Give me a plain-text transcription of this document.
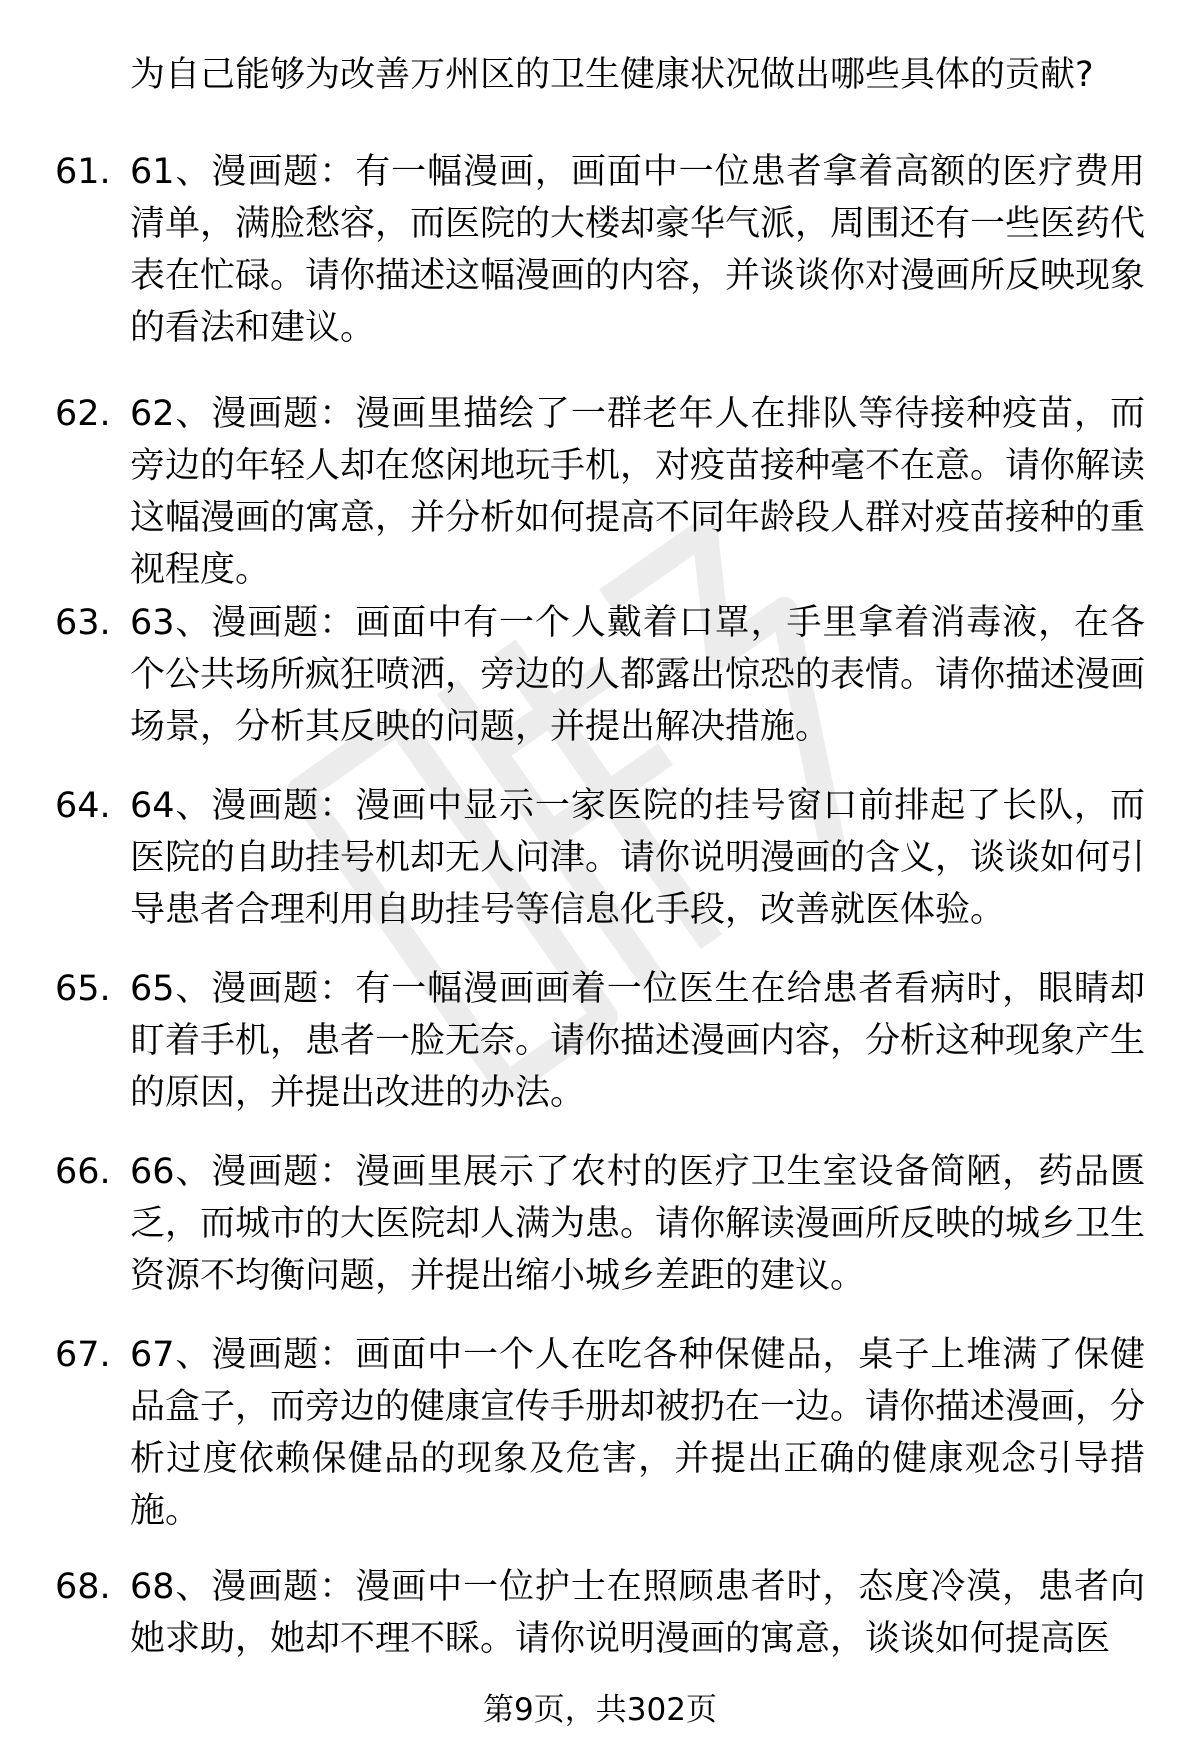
为自己能够为改善万州区的卫生健康状况做出哪些具体的贡献?
61. 61、漫画题：有一幅漫画，画面中一位患者拿着高额的医疗费用清单，满脸愁容，而医院的大楼却豪华气派，周围还有一些医药代表在忙碌。请你描述这幅漫画的内容，并谈谈你对漫画所反映现象的看法和建议。
62. 62、漫画题：漫画里描绘了一群老年人在排队等待接种疫苗，而旁边的年轻人却在悠闲地玩手机，对疫苗接种毫不在意。请你解读这幅漫画的寓意，并分析如何提高不同年龄段人群对疫苗接种的重视程度。
63. 63、漫画题：画面中有一个人戴着口罩，手里拿着消毒液，在各个公共场所疯狂喷洒，旁边的人都露出惊恐的表情。请你描述漫画场景，分析其反映的问题，并提出解决措施。
64. 64、漫画题：漫画中显示一家医院的挂号窗口前排起了长队，而医院的自助挂号机却无人问津。请你说明漫画的含义，谈谈如何引导患者合理利用自助挂号等信息化手段，改善就医体验。
65. 65、漫画题：有一幅漫画画着一位医生在给患者看病时，眼睛却盯着手机，患者一脸无奈。请你描述漫画内容，分析这种现象产生的原因，并提出改进的办法。
66. 66、漫画题：漫画里展示了农村的医疗卫生室设备简陋，药品匮乏，而城市的大医院却人满为患。请你解读漫画所反映的城乡卫生资源不均衡问题，并提出缩小城乡差距的建议。
67. 67、漫画题：画面中一个人在吃各种保健品，桌子上堆满了保健品盒子，而旁边的健康宣传手册却被扔在一边。请你描述漫画，分析过度依赖保健品的现象及危害，并提出正确的健康观念引导措施。
68. 68、漫画题：漫画中一位护士在照顾患者时，态度冷漠，患者向她求助，她却不理不睬。请你说明漫画的寓意，谈谈如何提高医
第9页，共302页
